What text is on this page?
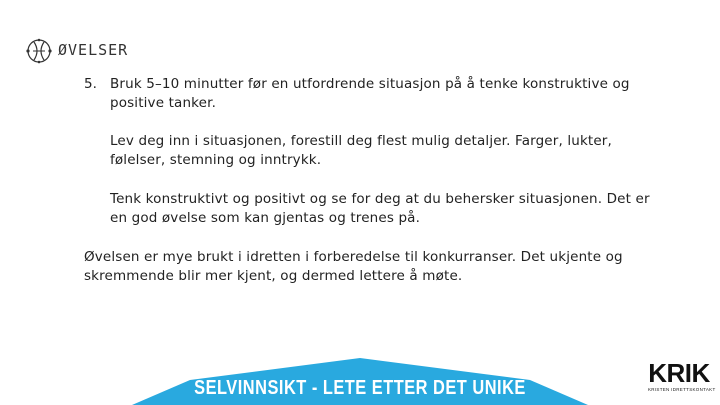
ØVELSER
5. Bruk 5–10 minutter før en utfordrende situasjon på å tenke konstruktive og positive tanker.
Lev deg inn i situasjonen, forestill deg flest mulig detaljer. Farger, lukter, følelser, stemning og inntrykk.
Tenk konstruktivt og positivt og se for deg at du behersker situasjonen. Det er en god øvelse som kan gjentas og trenes på.
Øvelsen er mye brukt i idretten i forberedelse til konkurranser. Det ukjente og skremmende blir mer kjent, og dermed lettere å møte.
SELVINNSIKT - LETE ETTER DET UNIKE	KRIK
KRISTEN IDRETTSKONTAKT
